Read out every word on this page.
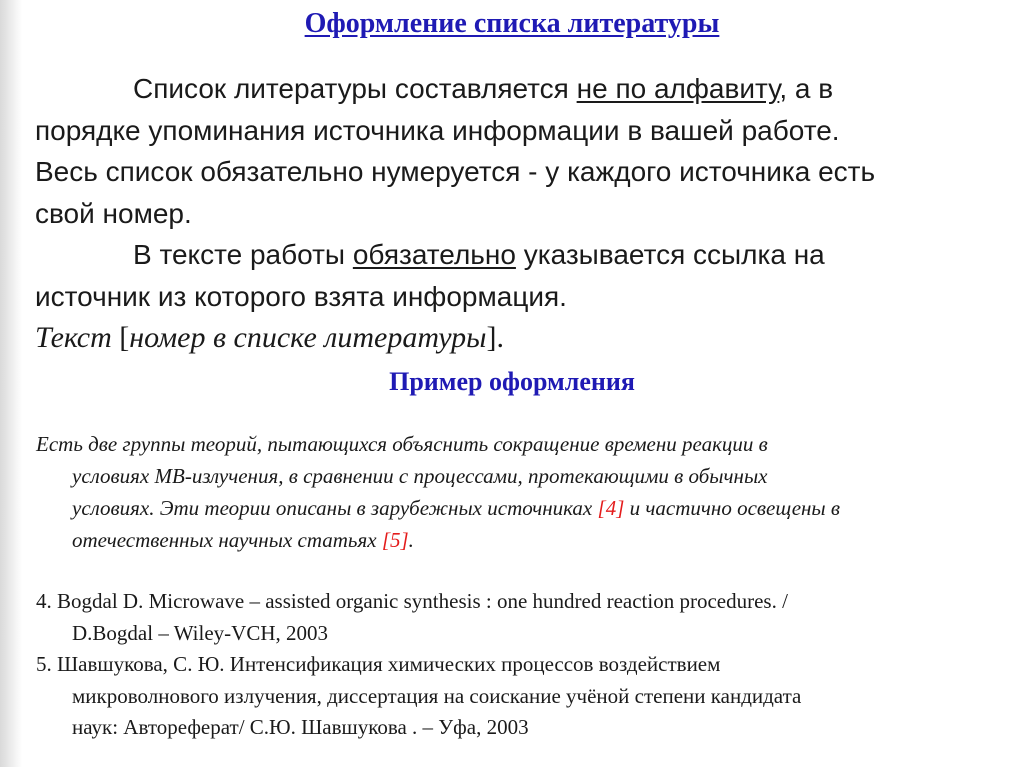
Оформление списка литературы
Список литературы составляется не по алфавиту, а в
порядке упоминания источника информации в вашей работе.
Весь список обязательно нумеруется - у каждого источника есть
свой номер.
В тексте работы обязательно указывается ссылка на
источник из которого взята информация.
Текст [номер в списке литературы].
Пример оформления
Есть две группы теорий, пытающихся объяснить сокращение времени реакции в
условиях МВ-излучения, в сравнении с процессами, протекающими в обычных
условиях. Эти теории описаны в зарубежных источниках [4] и частично освещены в
отечественных научных статьях [5].
4. Bogdal D. Microwave – assisted organic synthesis : one hundred reaction procedures. /
D.Bogdal – Wiley-VCH, 2003
5. Шавшукова, С. Ю. Интенсификация химических процессов воздействием
микроволнового излучения, диссертация на соискание учёной степени кандидата
наук: Автореферат/ С.Ю. Шавшукова . – Уфа, 2003
